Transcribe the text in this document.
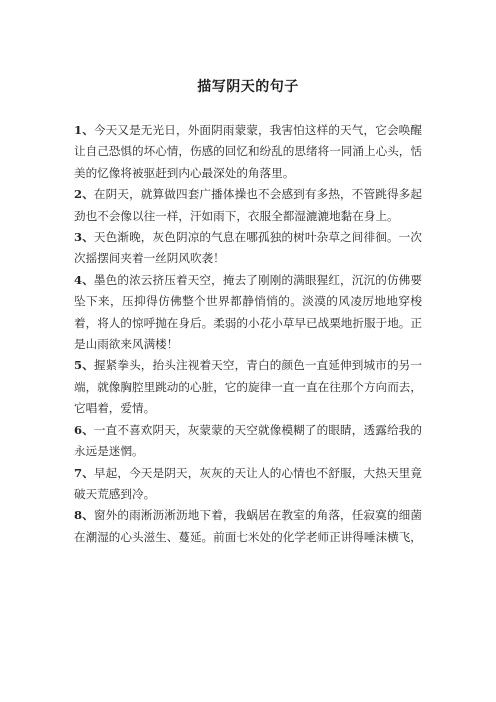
描写阴天的句子

1、今天又是无光日，外面阴雨蒙蒙，我害怕这样的天气，它会唤醒让自己恐惧的坏心情，伤感的回忆和纷乱的思绪将一同涌上心头，恬美的忆像将被驱赶到内心最深处的角落里。

2、在阴天，就算做四套广播体操也不会感到有多热，不管跳得多起劲也不会像以往一样，汗如雨下，衣服全都湿漉漉地黏在身上。

3、天色渐晚，灰色阴凉的气息在哪孤独的树叶杂草之间徘徊。一次次摇摆间夹着一丝阴风吹袭！

4、墨色的浓云挤压着天空，掩去了刚刚的满眼猩红，沉沉的仿佛要坠下来，压抑得仿佛整个世界都静悄悄的。淡漠的风凌厉地地穿梭着，将人的惊呼抛在身后。柔弱的小花小草早已战栗地折服于地。正是山雨欲来风满楼！

5、握紧拳头，抬头注视着天空，青白的颜色一直延伸到城市的另一端，就像胸腔里跳动的心脏，它的旋律一直一直在往那个方向而去，它唱着，爱情。

6、一直不喜欢阴天，灰蒙蒙的天空就像模糊了的眼睛，透露给我的永远是迷惘。

7、早起，今天是阴天，灰灰的天让人的心情也不舒服，大热天里竟破天荒感到冷。

8、窗外的雨淅沥淅沥地下着，我蜗居在教室的角落，任寂寞的细菌在潮湿的心头滋生、蔓延。前面七米处的化学老师正讲得唾沫横飞，
